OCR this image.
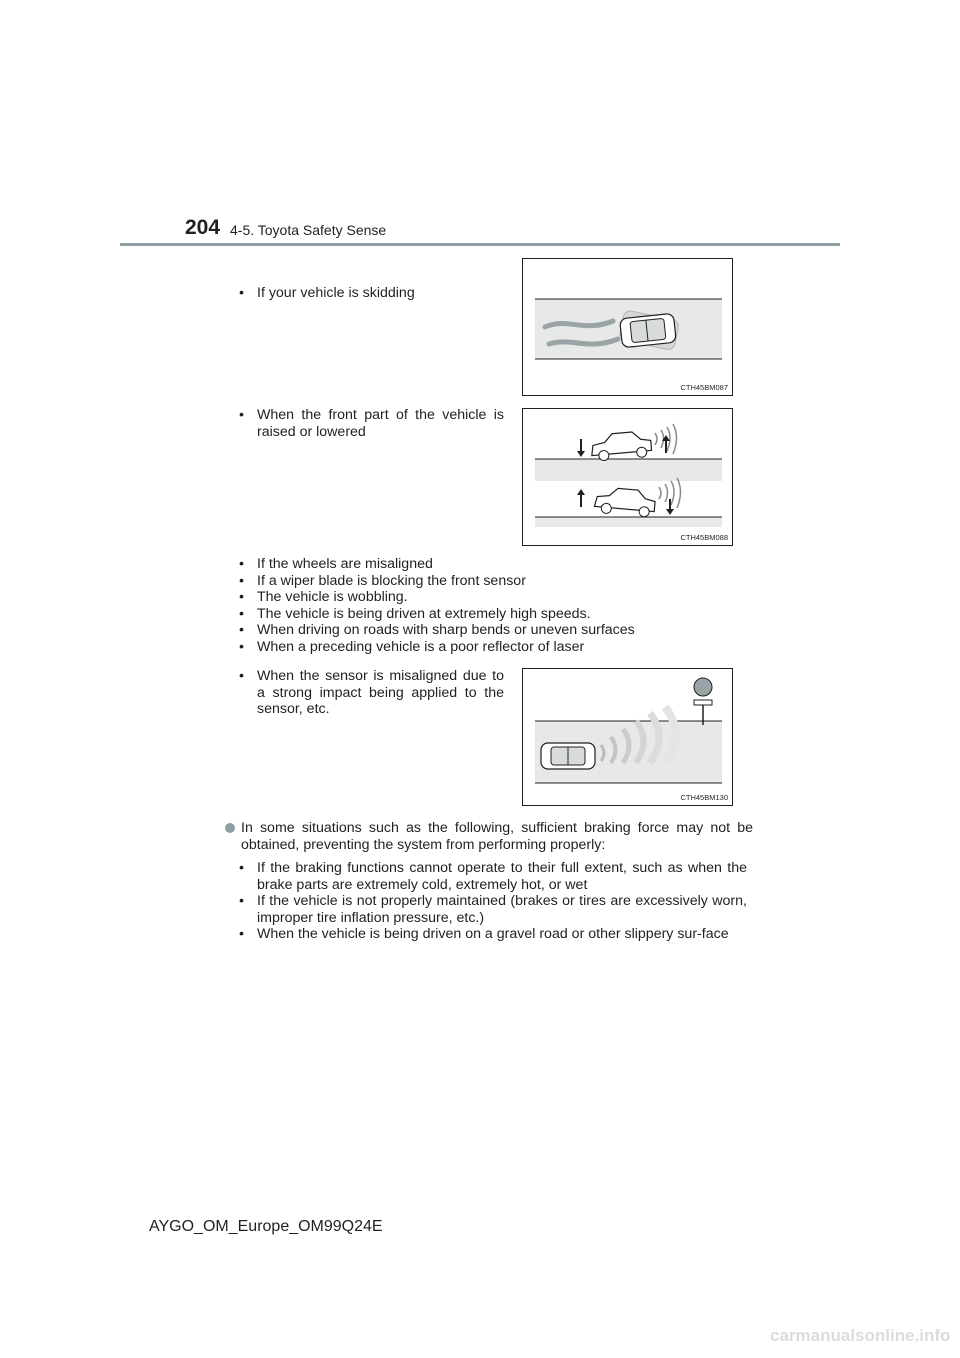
204 4-5. Toyota Safety Sense
• If your vehicle is skidding
CTH45BM087
• When the front part of the vehicle is raised or lowered
CTH45BM088
• If the wheels are misaligned
• If a wiper blade is blocking the front sensor
• The vehicle is wobbling.
• The vehicle is being driven at extremely high speeds.
• When driving on roads with sharp bends or uneven surfaces
• When a preceding vehicle is a poor reflector of laser
• When the sensor is misaligned due to a strong impact being applied to the sensor, etc.
CTH45BM130
In some situations such as the following, sufficient braking force may not be obtained, preventing the system from performing properly:
• If the braking functions cannot operate to their full extent, such as when the brake parts are extremely cold, extremely hot, or wet
• If the vehicle is not properly maintained (brakes or tires are excessively worn, improper tire inflation pressure, etc.)
• When the vehicle is being driven on a gravel road or other slippery sur-face
AYGO_OM_Europe_OM99Q24E
carmanualsonline.info
